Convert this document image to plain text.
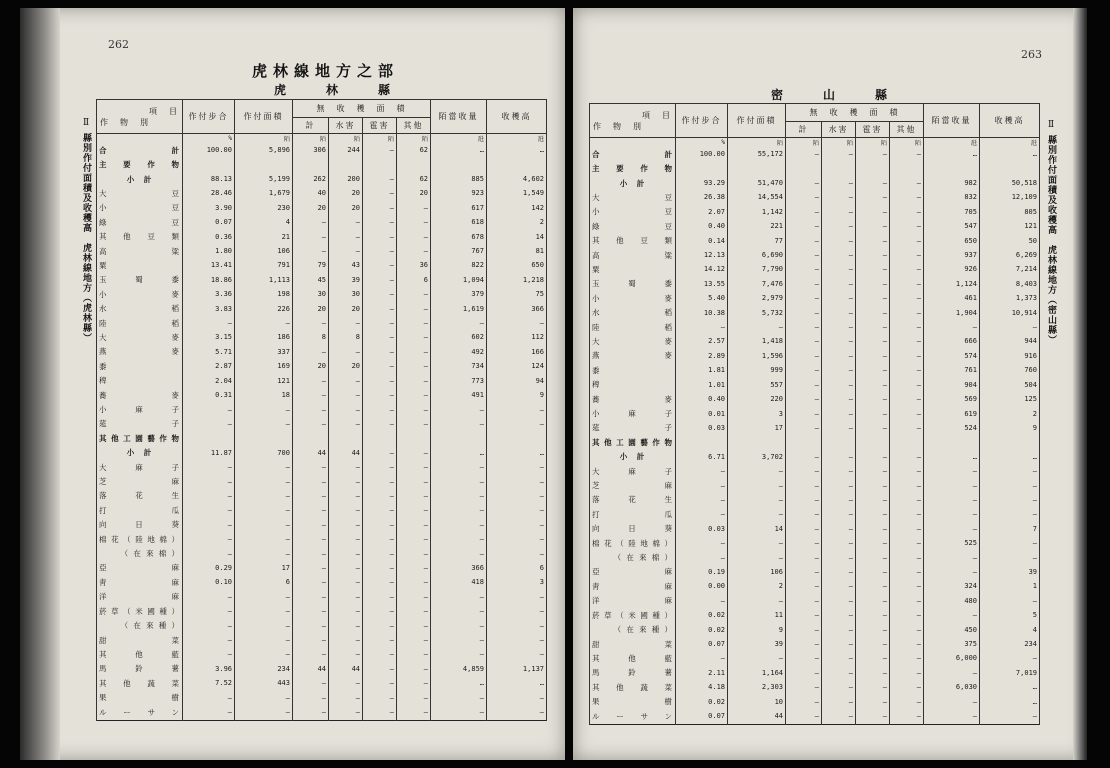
262
虎林線地方之部
虎　林　縣
Ⅱ 縣別作付面積及收穫高　虎林線地方（虎林縣）
項　目
作　物　別	作付步合	作付面積	無　收　穫　面　積				陌當收量	收穫高
			計	水害	雹害	其他		
	%	陌	陌	陌	陌	陌	瓩	瓩

合　計	100.00	5,896	306	244	—	62	…	…

主要作物								

小　計	88.13	5,199	262	200	—	62	885	4,602

大　豆	28.46	1,679	40	20	—	20	923	1,549

小　豆	3.90	230	20	20	—	—	617	142

綠　豆	0.07	4	—	—	—	—	618	2

其他豆類	0.36	21	—	—	—	—	678	14

高　粱	1.80	106	—	—	—	—	767	81

粟	13.41	791	79	43	—	36	822	650

玉蜀黍	18.86	1,113	45	39	—	6	1,094	1,218

小　麥	3.36	198	30	30	—	—	379	75

水　稻	3.83	226	20	20	—	—	1,619	366

陸　稻	—	—	—	—	—	—	—	—

大　麥	3.15	186	8	8	—	—	602	112

燕　麥	5.71	337	—	—	—	—	492	166

黍	2.87	169	20	20	—	—	734	124

稗	2.04	121	—	—	—	—	773	94

蕎　麥	0.31	18	—	—	—	—	491	9

小麻子	—	—	—	—	—	—	—	—

莚　子	—	—	—	—	—	—	—	—

其他工園藝作物								

小　計	11.87	700	44	44	—	—	…	…

大麻子	—	—	—	—	—	—	—	—

芝　麻	—	—	—	—	—	—	—	—

落花生	—	—	—	—	—	—	—	—

打　瓜	—	—	—	—	—	—	—	—

向日葵	—	—	—	—	—	—	—	—

棉花（陸地棉）	—	—	—	—	—	—	—	—

　　（在來棉）	—	—	—	—	—	—	—	—

亞　麻	0.29	17	—	—	—	—	366	6

靑　麻	0.10	6	—	—	—	—	418	3

洋　麻	—	—	—	—	—	—	—	—

菸草（米國種）	—	—	—	—	—	—	—	—

　　（在來種）	—	—	—	—	—	—	—	—

甜　菜	—	—	—	—	—	—	—	—

其他藍	—	—	—	—	—	—	—	—

馬鈴薯	3.96	234	44	44	—	—	4,859	1,137

其他蔬菜	7.52	443	—	—	—	—	…	…

果　樹	—	—	—	—	—	—	—	—

ルーサン	—	—	—	—	—	—	—	—
263
密　山　縣
Ⅱ 縣別作付面積及收穫高　虎林線地方（密山縣）
項　目
作　物　別	作付步合	作付面積	無　收　穫　面　積				陌當收量	收穫高
			計	水害	雹害	其他		
	%	陌	陌	陌	陌	陌	瓩	瓩

合　計	100.00	55,172	—	—	—	—	…	…

主要作物								

小　計	93.29	51,470	—	—	—	—	982	50,518

大　豆	26.38	14,554	—	—	—	—	832	12,109

小　豆	2.07	1,142	—	—	—	—	705	805

綠　豆	0.40	221	—	—	—	—	547	121

其他豆類	0.14	77	—	—	—	—	650	50

高　粱	12.13	6,690	—	—	—	—	937	6,269

粟	14.12	7,790	—	—	—	—	926	7,214

玉蜀黍	13.55	7,476	—	—	—	—	1,124	8,403

小　麥	5.40	2,979	—	—	—	—	461	1,373

水　稻	10.38	5,732	—	—	—	—	1,904	10,914

陸　稻	—	—	—	—	—	—	—	—

大　麥	2.57	1,418	—	—	—	—	666	944

燕　麥	2.89	1,596	—	—	—	—	574	916

黍	1.81	999	—	—	—	—	761	760

稗	1.01	557	—	—	—	—	904	504

蕎　麥	0.40	220	—	—	—	—	569	125

小麻子	0.01	3	—	—	—	—	619	2

莚　子	0.03	17	—	—	—	—	524	9

其他工園藝作物								

小　計	6.71	3,702	—	—	—	—	…	…

大麻子	—	—	—	—	—	—	—	—

芝　麻	—	—	—	—	—	—	—	—

落花生	—	—	—	—	—	—	—	—

打　瓜	—	—	—	—	—	—	—	—

向日葵	0.03	14	—	—	—	—	—	7

棉花（陸地棉）	—	—	—	—	—	—	525	—

　　（在來棉）	—	—	—	—	—	—	—	—

亞　麻	0.19	106	—	—	—	—	—	39

靑　麻	0.00	2	—	—	—	—	324	1

洋　麻	—	—	—	—	—	—	480	—

菸草（米國種）	0.02	11	—	—	—	—	—	5

　　（在來種）	0.02	9	—	—	—	—	450	4

甜　菜	0.07	39	—	—	—	—	375	234

其他藍	—	—	—	—	—	—	6,000	—

馬鈴薯	2.11	1,164	—	—	—	—	—	7,019

其他蔬菜	4.18	2,303	—	—	—	—	6,030	…

果　樹	0.02	10	—	—	—	—	—	…

ルーサン	0.07	44	—	—	—	—	—	—
